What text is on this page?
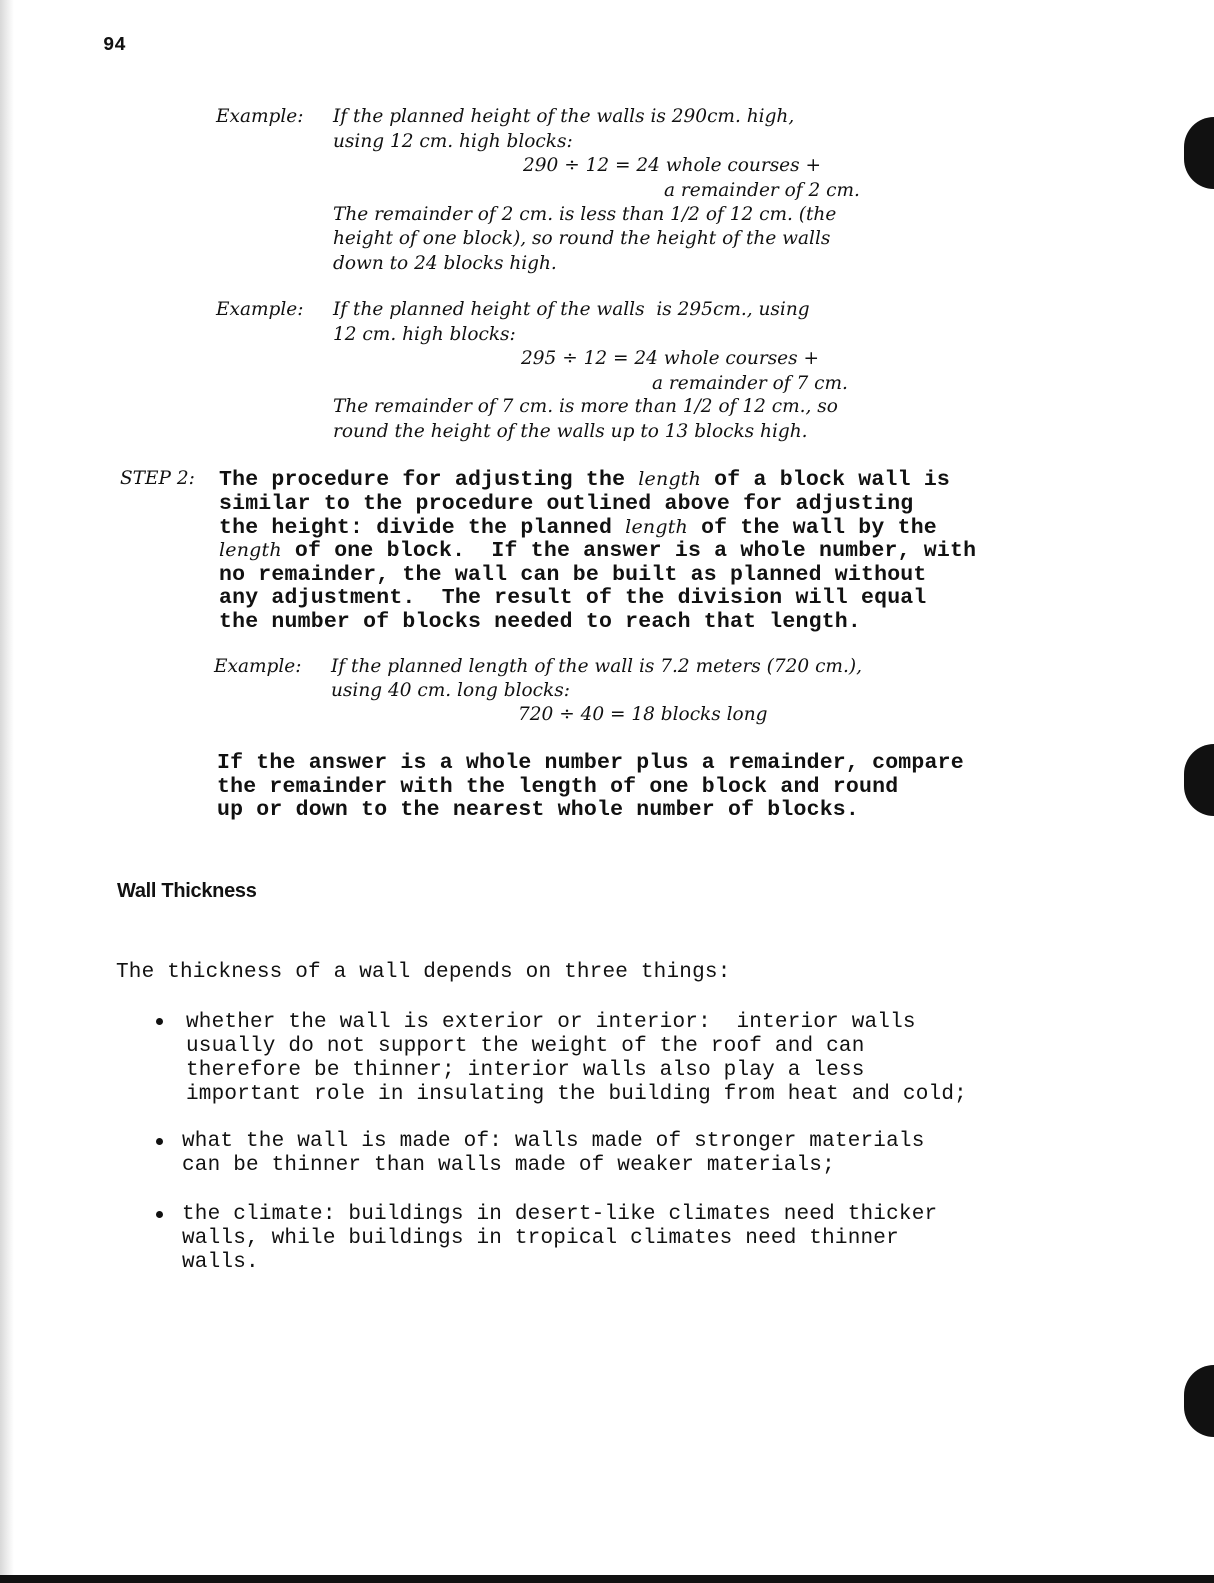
94
Example: If the planned height of the walls is 290cm. high,
using 12 cm. high blocks:
290 ÷ 12 = 24 whole courses +
a remainder of 2 cm.
The remainder of 2 cm. is less than 1/2 of 12 cm. (the
height of one block), so round the height of the walls
down to 24 blocks high.
Example: If the planned height of the walls  is 295cm., using
12 cm. high blocks:
295 ÷ 12 = 24 whole courses +
a remainder of 7 cm.
The remainder of 7 cm. is more than 1/2 of 12 cm., so
round the height of the walls up to 13 blocks high.
STEP 2: The procedure for adjusting the length of a block wall is
similar to the procedure outlined above for adjusting
the height: divide the planned length of the wall by the
length of one block.  If the answer is a whole number, with
no remainder, the wall can be built as planned without
any adjustment.  The result of the division will equal
the number of blocks needed to reach that length.
Example: If the planned length of the wall is 7.2 meters (720 cm.),
using 40 cm. long blocks:
720 ÷ 40 = 18 blocks long
If the answer is a whole number plus a remainder, compare
the remainder with the length of one block and round
up or down to the nearest whole number of blocks.
Wall Thickness
The thickness of a wall depends on three things:
whether the wall is exterior or interior:  interior walls
usually do not support the weight of the roof and can
therefore be thinner; interior walls also play a less
important role in insulating the building from heat and cold;
what the wall is made of: walls made of stronger materials
can be thinner than walls made of weaker materials;
the climate: buildings in desert-like climates need thicker
walls, while buildings in tropical climates need thinner
walls.
